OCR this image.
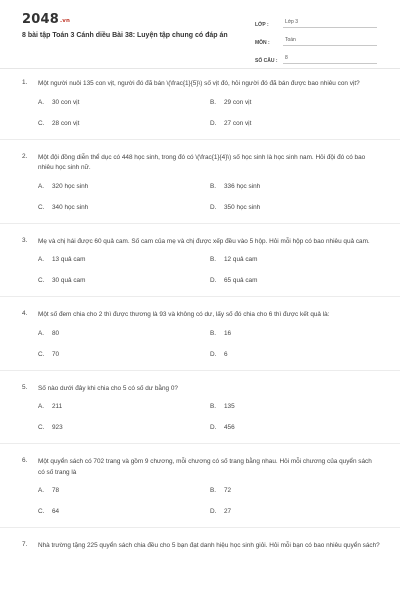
2048.vn
8 bài tập Toán 3 Cánh diều Bài 38: Luyện tập chung có đáp án
LỚP :	Lớp 3
MÔN :	Toán
SỐ CÂU :	8
1. Một người nuôi 135 con vịt, người đó đã bán \(\frac{1}{5}\) số vịt đó, hỏi người đó đã bán được bao nhiêu con vịt?
A.	30 con vịt	B.	29 con vịt
C.	28 con vịt	D.	27 con vịt
2. Một đội đồng diễn thể dục có 448 học sinh, trong đó có \(\frac{1}{4}\) số học sinh là học sinh nam. Hỏi đội đó có bao nhiêu học sinh nữ.
A.	320 học sinh	B.	336 học sinh
C.	340 học sinh	D.	350 học sinh
3. Mẹ và chị hái được 60 quả cam. Số cam của mẹ và chị được xếp đều vào 5 hộp. Hỏi mỗi hộp có bao nhiêu quả cam.
A.	13 quả cam	B.	12 quả cam
C.	30 quả cam	D.	65 quả cam
4. Một số đem chia cho 2 thì được thương là 93 và không có dư, lấy số đó chia cho 6 thì được kết quả là:
A.	80	B.	16
C.	70	D.	6
5. Số nào dưới đây khi chia cho 5 có số dư bằng 0?
A.	211	B.	135
C.	923	D.	456
6. Một quyển sách có 702 trang và gồm 9 chương, mỗi chương có số trang bằng nhau. Hỏi mỗi chương của quyển sách có số trang là
A.	78	B.	72
C.	64	D.	27
7. Nhà trường tặng 225 quyển sách chia đều cho 5 bạn đạt danh hiệu học sinh giỏi. Hỏi mỗi bạn có bao nhiêu quyển sách?
